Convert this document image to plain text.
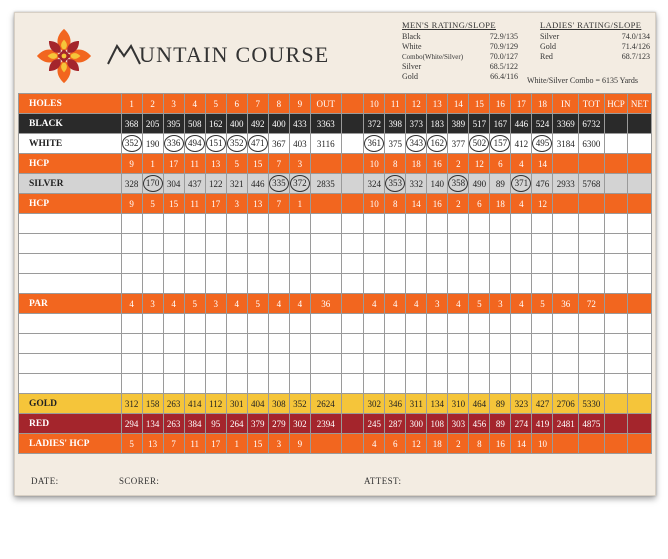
UNTAIN COURSE
MEN'S RATING/SLOPE
Black	72.9/135
White	70.9/129
Combo(White/Silver)	70.0/127
Silver	68.5/122
Gold	66.4/116
LADIES' RATING/SLOPE
Silver	74.0/134
Gold	71.4/126
Red	68.7/123
White/Silver Combo = 6135 Yards
HOLES	1	2	3	4	5	6	7	8	9	OUT		10	11	12	13	14	15	16	17	18	IN	TOT	HCP	NET
BLACK	368	205	395	508	162	400	492	400	433	3363		372	398	373	183	389	517	167	446	524	3369	6732		
WHITE	352	190	336	494	151	352	471	367	403	3116		361	375	343	162	377	502	157	412	495	3184	6300		
HCP	9	1	17	11	13	5	15	7	3			10	8	18	16	2	12	6	4	14				
SILVER	328	170	304	437	122	321	446	335	372	2835		324	353	332	140	358	490	89	371	476	2933	5768		
HCP	9	5	15	11	17	3	13	7	1			10	8	14	16	2	6	18	4	12				

PAR	4	3	4	5	3	4	5	4	4	36		4	4	4	3	4	5	3	4	5	36	72		

GOLD	312	158	263	414	112	301	404	308	352	2624		302	346	311	134	310	464	89	323	427	2706	5330		
RED	294	134	263	384	95	264	379	279	302	2394		245	287	300	108	303	456	89	274	419	2481	4875		
LADIES' HCP	5	13	7	11	17	1	15	3	9			4	6	12	18	2	8	16	14	10				
DATE:	SCORER:	ATTEST:
